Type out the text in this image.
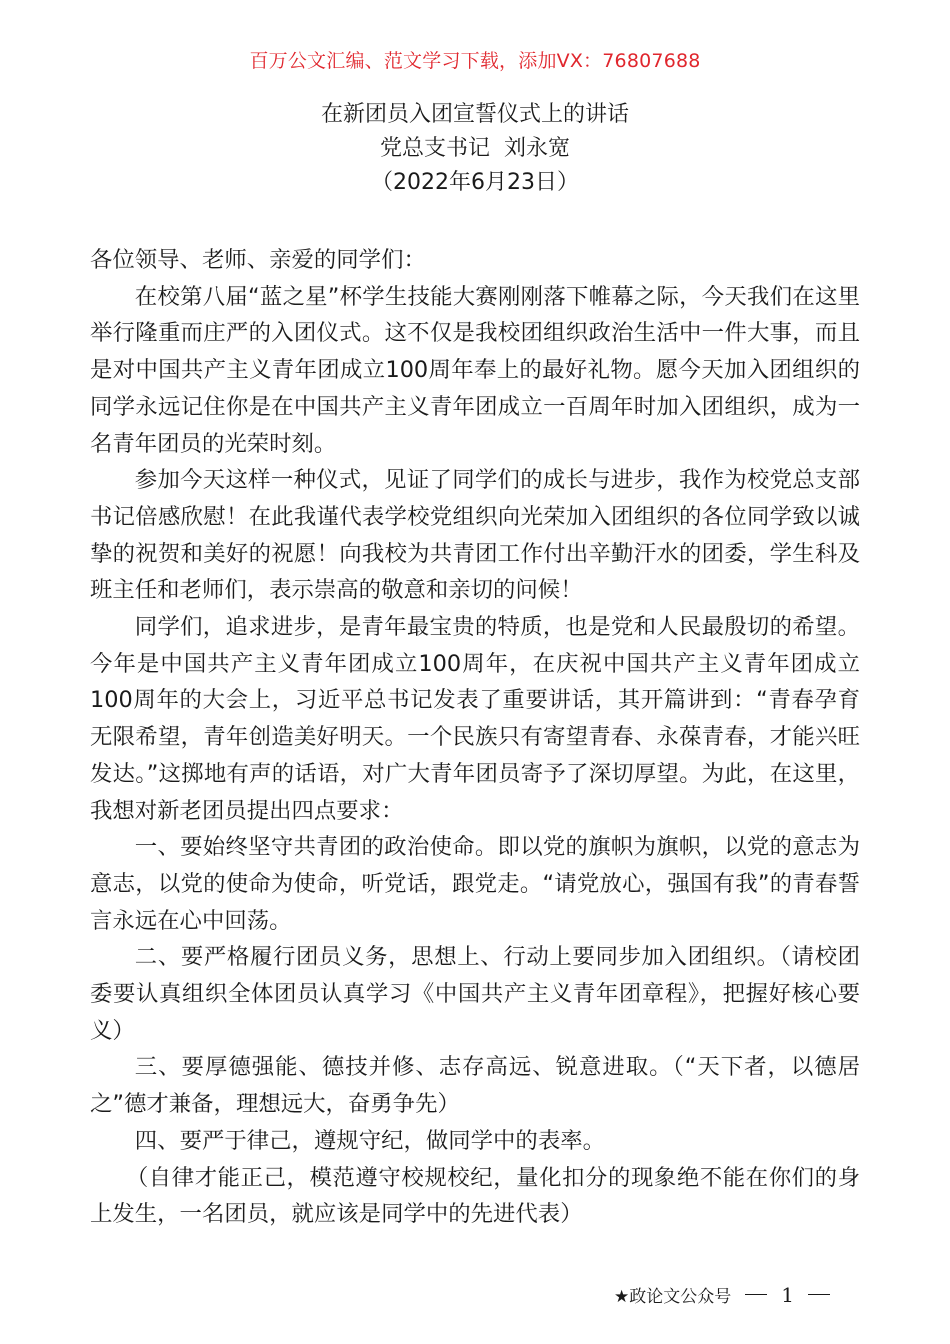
百万公文汇编、范文学习下载，添加VX：76807688
在新团员入团宣誓仪式上的讲话
党总支书记  刘永宽
（2022年6月23日）

各位领导、老师、亲爱的同学们：

在校第八届“蓝之星”杯学生技能大赛刚刚落下帷幕之际，今天我们在这里举行隆重而庄严的入团仪式。这不仅是我校团组织政治生活中一件大事，而且是对中国共产主义青年团成立100周年奉上的最好礼物。愿今天加入团组织的同学永远记住你是在中国共产主义青年团成立一百周年时加入团组织，成为一名青年团员的光荣时刻。

参加今天这样一种仪式，见证了同学们的成长与进步，我作为校党总支部书记倍感欣慰！在此我谨代表学校党组织向光荣加入团组织的各位同学致以诚挚的祝贺和美好的祝愿！向我校为共青团工作付出辛勤汗水的团委，学生科及班主任和老师们，表示崇高的敬意和亲切的问候！

同学们，追求进步，是青年最宝贵的特质，也是党和人民最殷切的希望。今年是中国共产主义青年团成立100周年，在庆祝中国共产主义青年团成立100周年的大会上，习近平总书记发表了重要讲话，其开篇讲到：“青春孕育无限希望，青年创造美好明天。一个民族只有寄望青春、永葆青春，才能兴旺发达。”这掷地有声的话语，对广大青年团员寄予了深切厚望。为此，在这里，我想对新老团员提出四点要求：

一、要始终坚守共青团的政治使命。即以党的旗帜为旗帜，以党的意志为意志，以党的使命为使命，听党话，跟党走。“请党放心，强国有我”的青春誓言永远在心中回荡。

二、要严格履行团员义务，思想上、行动上要同步加入团组织。（请校团委要认真组织全体团员认真学习《中国共产主义青年团章程》，把握好核心要义）

三、要厚德强能、德技并修、志存高远、锐意进取。（“天下者，以德居之”德才兼备，理想远大，奋勇争先）

四、要严于律己，遵规守纪，做同学中的表率。

（自律才能正己，模范遵守校规校纪，量化扣分的现象绝不能在你们的身上发生，一名团员，就应该是同学中的先进代表）

★政论文公众号	1
